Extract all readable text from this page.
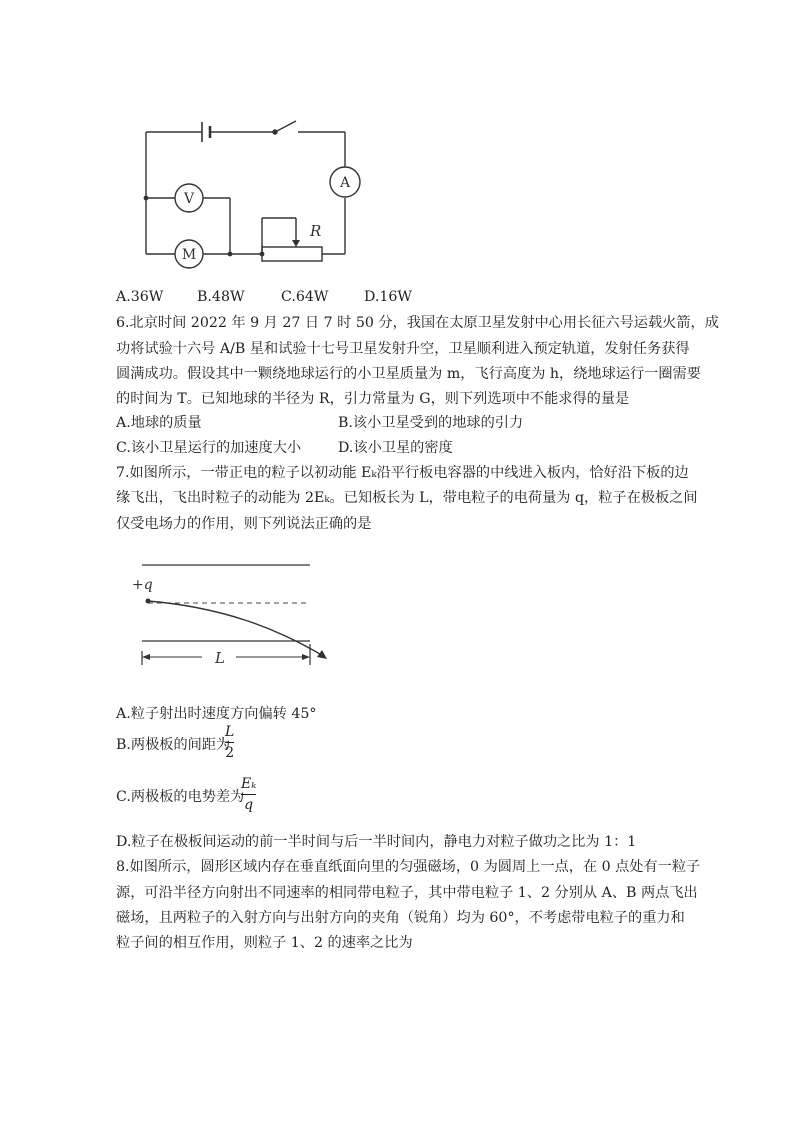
V
M
A
R
A.36W B.48W	C.64W	D.16W
6.北京时间 2022 年 9 月 27 日 7 时 50 分，我国在太原卫星发射中心用长征六号运载火箭，成
功将试验十六号 A/B 星和试验十七号卫星发射升空，卫星顺利进入预定轨道，发射任务获得
圆满成功。假设其中一颗绕地球运行的小卫星质量为 m，飞行高度为 h，绕地球运行一圈需要
的时间为 T。已知地球的半径为 R，引力常量为 G，则下列选项中不能求得的量是
A.地球的质量	B.该小卫星受到的地球的引力
C.该小卫星运行的加速度大小	D.该小卫星的密度
7.如图所示，一带正电的粒子以初动能 Eₖ沿平行板电容器的中线进入板内，恰好沿下板的边
缘飞出，飞出时粒子的动能为 2Eₖ。已知板长为 L，带电粒子的电荷量为 q，粒子在极板之间
仅受电场力的作用，则下列说法正确的是
+q
L
A.粒子射出时速度方向偏转 45°
B.两极板的间距为
L
2
C.两极板的电势差为
Eₖ
q
D.粒子在极板间运动的前一半时间与后一半时间内，静电力对粒子做功之比为 1：1
8.如图所示，圆形区域内存在垂直纸面向里的匀强磁场，0 为圆周上一点，在 0 点处有一粒子
源，可沿半径方向射出不同速率的相同带电粒子，其中带电粒子 1、2 分别从 A、B 两点飞出
磁场，且两粒子的入射方向与出射方向的夹角（锐角）均为 60°，不考虑带电粒子的重力和
粒子间的相互作用，则粒子 1、2 的速率之比为
